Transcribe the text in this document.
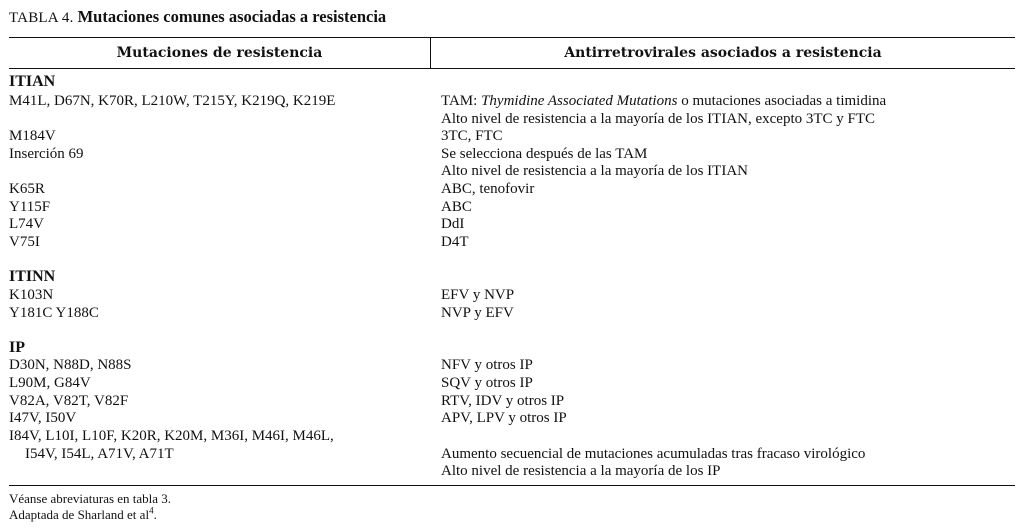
TABLA 4. Mutaciones comunes asociadas a resistencia
Mutaciones de resistencia	Antirretrovirales asociados a resistencia
ITIAN
M41L, D67N, K70R, L210W, T215Y, K219Q, K219E
M184V
Inserción 69
K65R
Y115F
L74V
V75I
ITINN
K103N
Y181C Y188C
IP
D30N, N88D, N88S
L90M, G84V
V82A, V82T, V82F
I47V, I50V
I84V, L10I, L10F, K20R, K20M, M36I, M46I, M46L,
I54V, I54L, A71V, A71T
TAM: Thymidine Associated Mutations o mutaciones asociadas a timidina
Alto nivel de resistencia a la mayoría de los ITIAN, excepto 3TC y FTC
3TC, FTC
Se selecciona después de las TAM
Alto nivel de resistencia a la mayoría de los ITIAN
ABC, tenofovir
ABC
DdI
D4T
EFV y NVP
NVP y EFV
NFV y otros IP
SQV y otros IP
RTV, IDV y otros IP
APV, LPV y otros IP
Aumento secuencial de mutaciones acumuladas tras fracaso virológico
Alto nivel de resistencia a la mayoría de los IP
Véanse abreviaturas en tabla 3.
Adaptada de Sharland et $al^4$.
